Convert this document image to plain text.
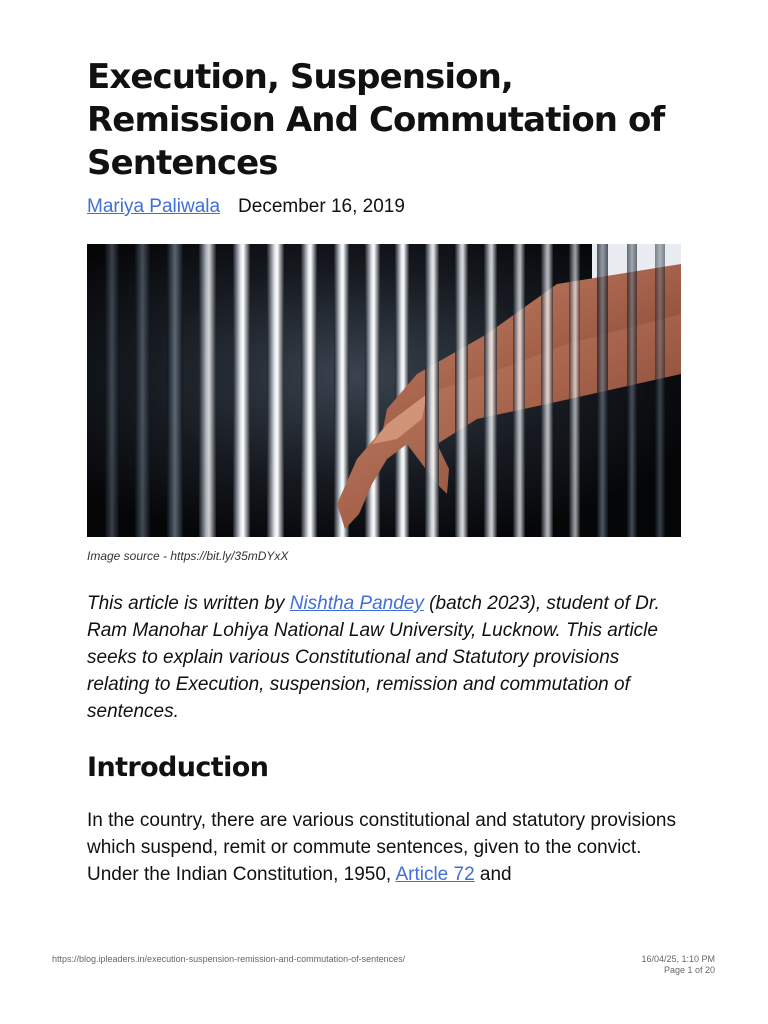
Execution, Suspension, Remission And Commutation of Sentences
Mariya Paliwala December 16, 2019
Image source - https://bit.ly/35mDYxX

This article is written by Nishtha Pandey (batch 2023), student of Dr. Ram Manohar Lohiya National Law University, Lucknow. This article seeks to explain various Constitutional and Statutory provisions relating to Execution, suspension, remission and commutation of sentences.

Introduction

In the country, there are various constitutional and statutory provisions which suspend, remit or commute sentences, given to the convict. Under the Indian Constitution, 1950, Article 72 and

https://blog.ipleaders.in/execution-suspension-remission-and-commutation-of-sentences/	16/04/25, 1:10 PM
Page 1 of 20
